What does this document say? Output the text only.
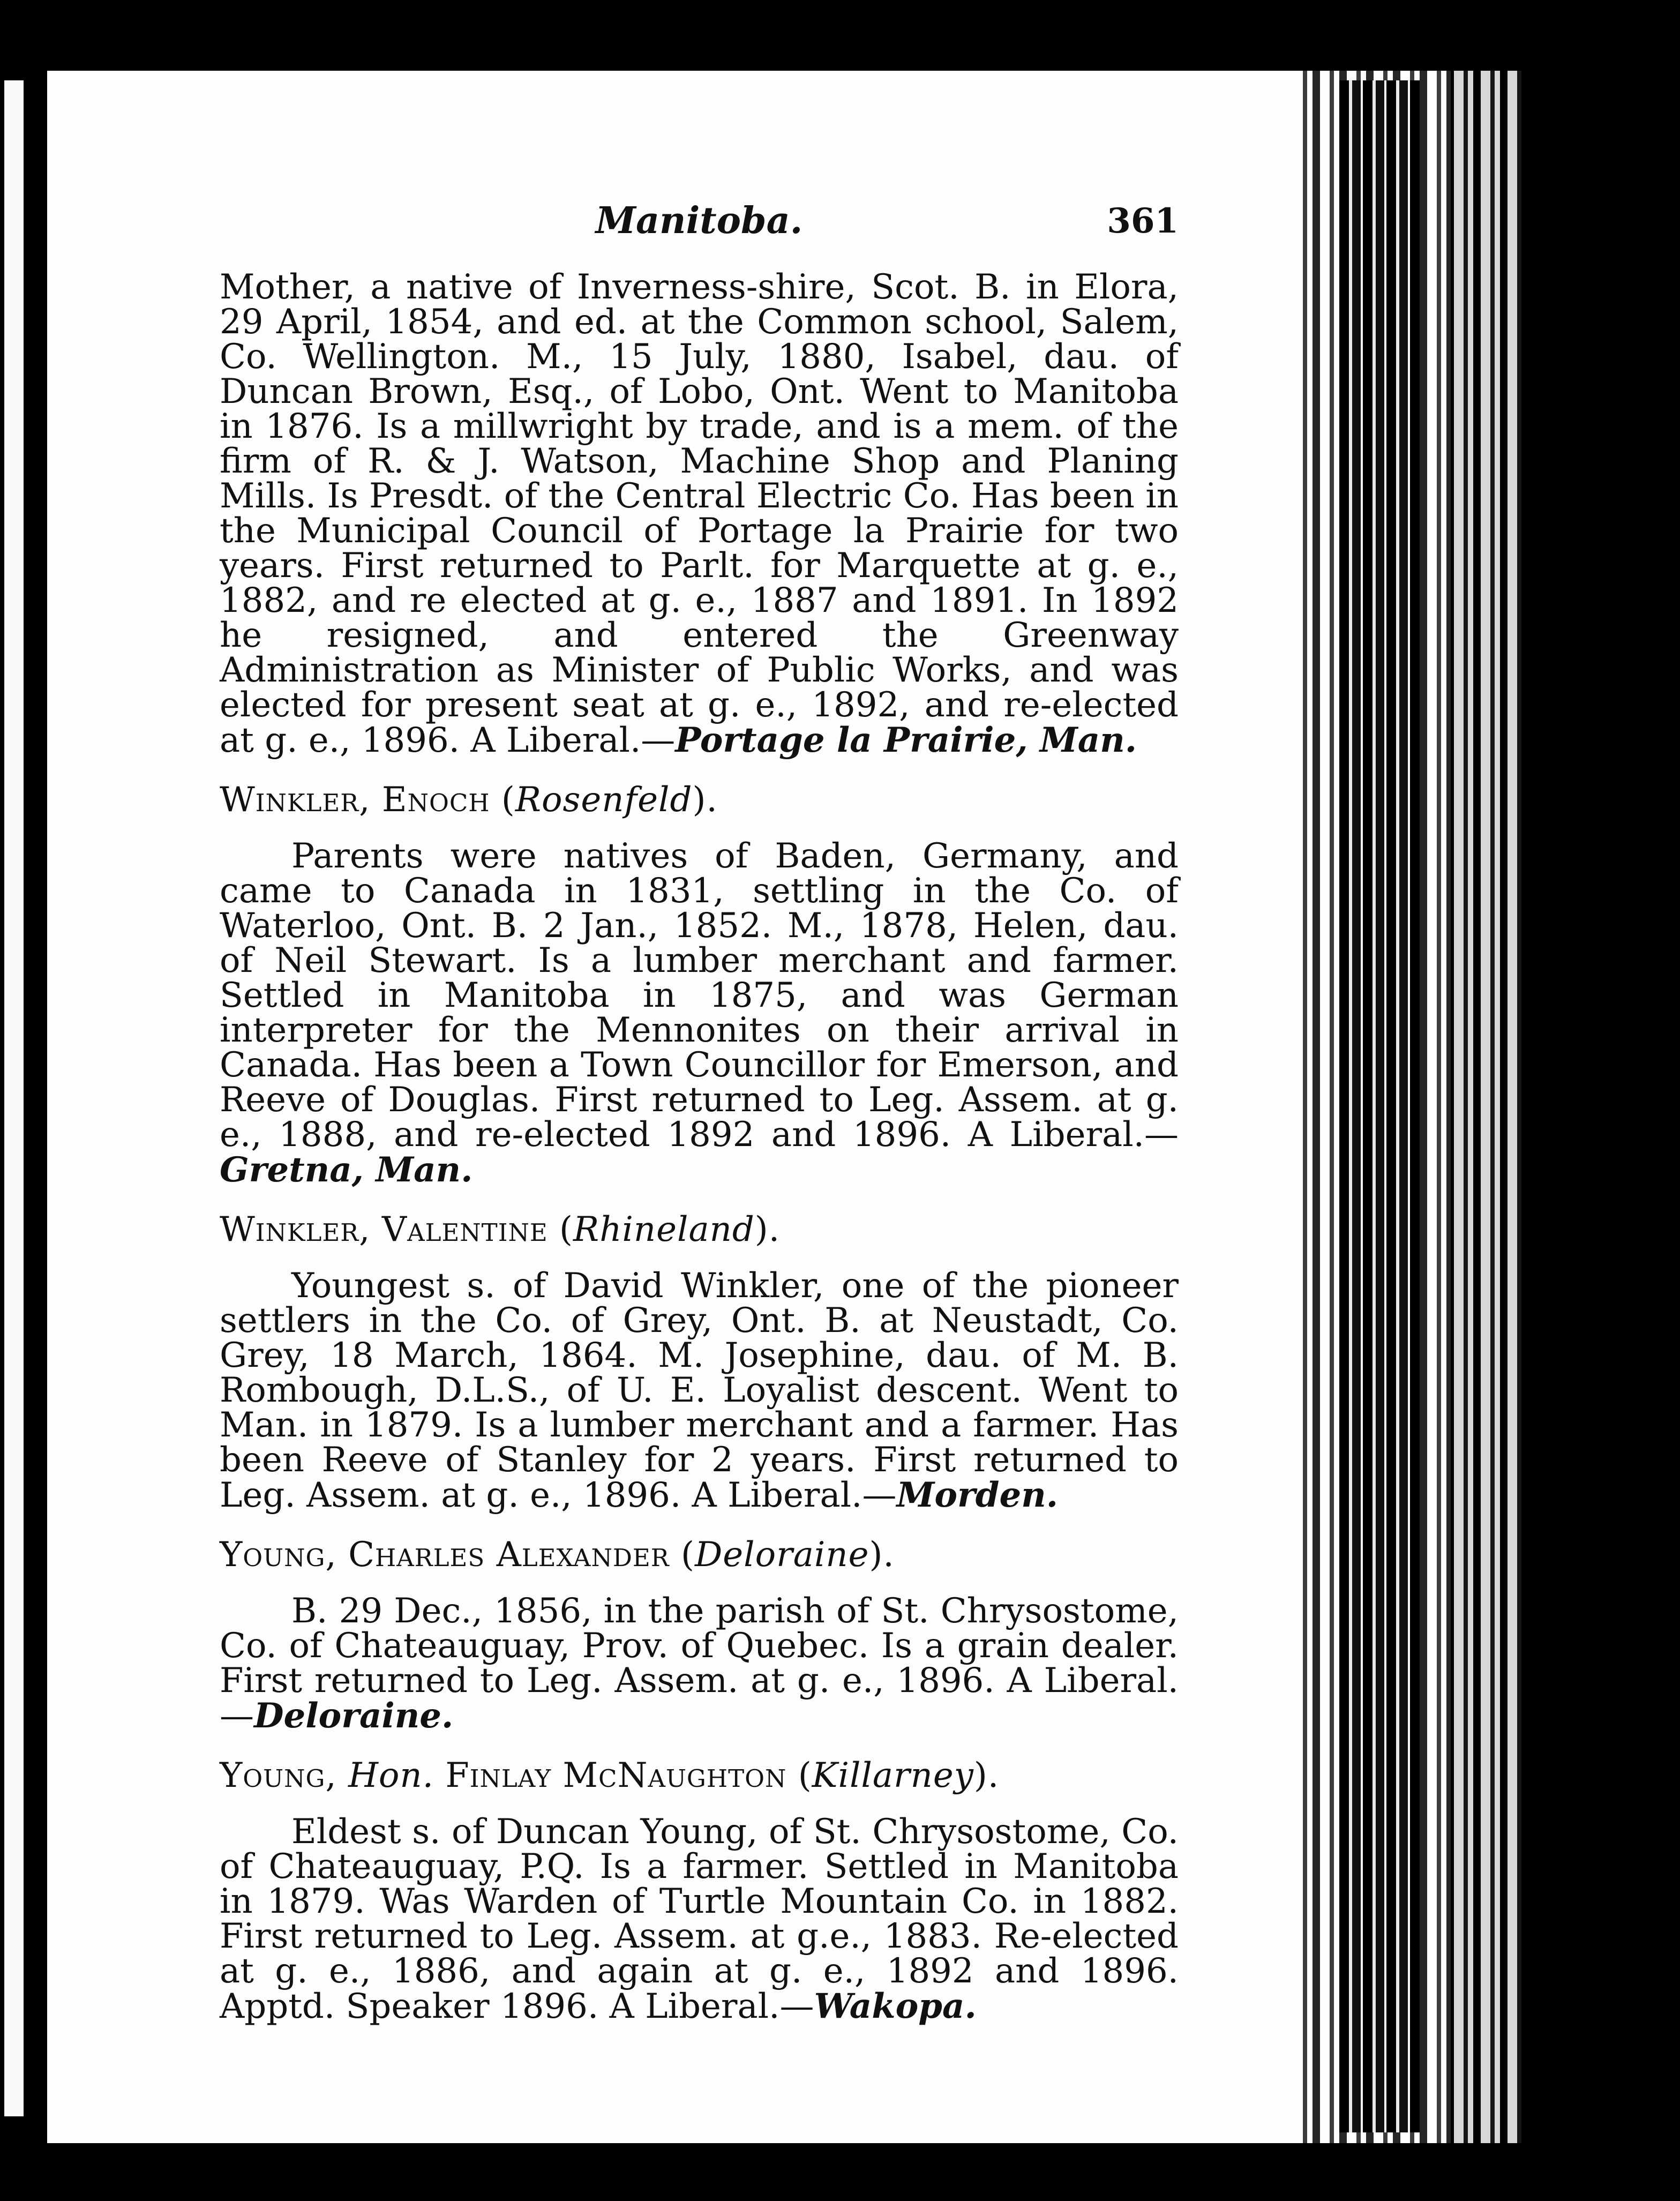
Manitoba.	361

Mother, a native of Inverness-shire, Scot. B. in Elora, 29 April, 1854, and ed. at the Common school, Salem, Co. Wellington. M., 15 July, 1880, Isabel, dau. of Duncan Brown, Esq., of Lobo, Ont. Went to Manitoba in 1876. Is a millwright by trade, and is a mem. of the firm of R. & J. Watson, Machine Shop and Planing Mills. Is Presdt. of the Central Electric Co. Has been in the Municipal Council of Portage la Prairie for two years. First returned to Parlt. for Marquette at g. e., 1882, and re elected at g. e., 1887 and 1891. In 1892 he resigned, and entered the Greenway Administration as Minister of Public Works, and was elected for present seat at g. e., 1892, and re-elected at g. e., 1896. A Liberal.—Portage la Prairie, Man.

Winkler, Enoch (Rosenfeld).

Parents were natives of Baden, Germany, and came to Canada in 1831, settling in the Co. of Waterloo, Ont. B. 2 Jan., 1852. M., 1878, Helen, dau. of Neil Stewart. Is a lumber merchant and farmer. Settled in Manitoba in 1875, and was German interpreter for the Mennonites on their arrival in Canada. Has been a Town Councillor for Emerson, and Reeve of Douglas. First returned to Leg. Assem. at g. e., 1888, and re-elected 1892 and 1896. A Liberal.—Gretna, Man.

Winkler, Valentine (Rhineland).

Youngest s. of David Winkler, one of the pioneer settlers in the Co. of Grey, Ont. B. at Neustadt, Co. Grey, 18 March, 1864. M. Josephine, dau. of M. B. Rombough, D.L.S., of U. E. Loyalist descent. Went to Man. in 1879. Is a lumber merchant and a farmer. Has been Reeve of Stanley for 2 years. First returned to Leg. Assem. at g. e., 1896. A Liberal.—Morden.

Young, Charles Alexander (Deloraine).

B. 29 Dec., 1856, in the parish of St. Chrysostome, Co. of Chateauguay, Prov. of Quebec. Is a grain dealer. First returned to Leg. Assem. at g. e., 1896. A Liberal.—Deloraine.

Young, Hon. Finlay McNaughton (Killarney).

Eldest s. of Duncan Young, of St. Chrysostome, Co. of Chateauguay, P.Q. Is a farmer. Settled in Manitoba in 1879. Was Warden of Turtle Mountain Co. in 1882. First returned to Leg. Assem. at g.e., 1883. Re-elected at g. e., 1886, and again at g. e., 1892 and 1896. Apptd. Speaker 1896. A Liberal.—Wakopa.
